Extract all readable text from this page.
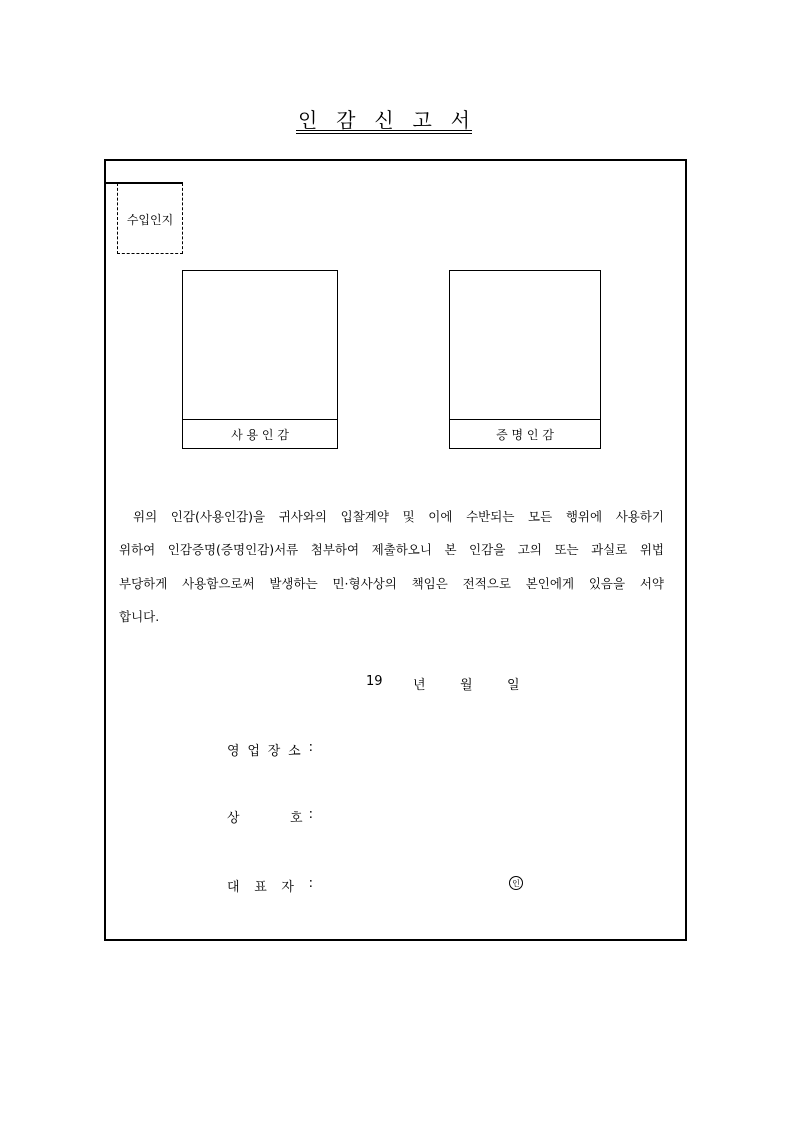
인 감 신 고 서
수입인지
사 용 인 감	증 명 인 감
위의 인감(사용인감)을 귀사와의 입찰계약 및 이에 수반되는 모든 행위에 사용하기
위하여 인감증명(증명인감)서류 첨부하여 제출하오니 본 인감을 고의 또는 과실로 위법
부당하게 사용함으로써 발생하는 민·형사상의 책임은 전적으로 본인에게 있음을 서약
합니다.
19 년	월	일
영 업 장 소 :
상	호 :
대 표 자 :	인
